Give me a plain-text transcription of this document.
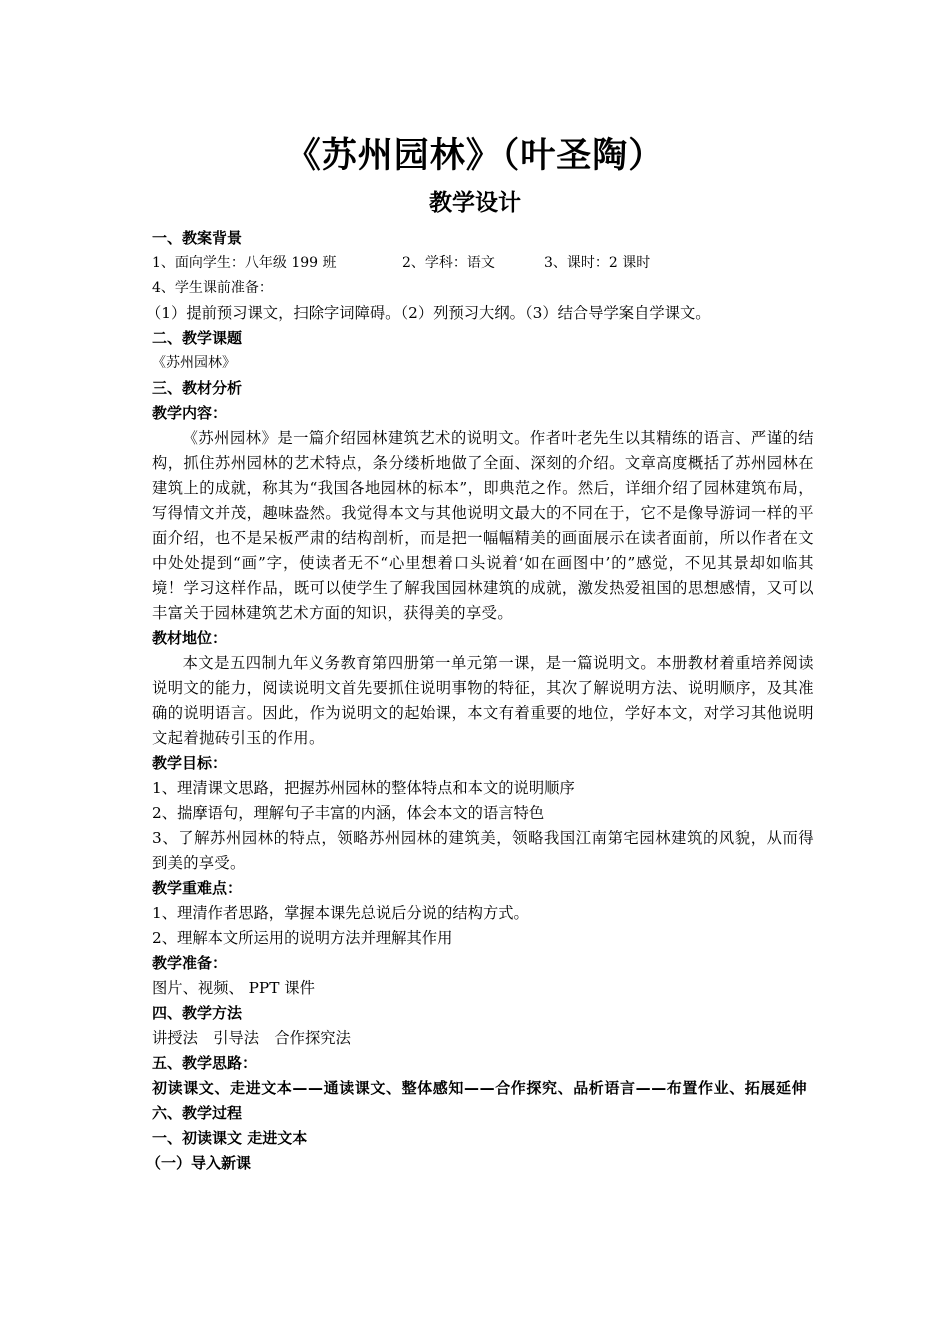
《苏州园林》（叶圣陶）
教学设计
一、教案背景
1、面向学生：八年级 199 班	2、学科：语文	3、课时：2 课时
4、学生课前准备：
（1）提前预习课文，扫除字词障碍。（2）列预习大纲。（3）结合导学案自学课文。
二、教学课题
《苏州园林》
三、教材分析
教学内容：
《苏州园林》是一篇介绍园林建筑艺术的说明文。作者叶老先生以其精练的语言、严谨的结构，抓住苏州园林的艺术特点，条分缕析地做了全面、深刻的介绍。文章高度概括了苏州园林在建筑上的成就，称其为“我国各地园林的标本”，即典范之作。然后，详细介绍了园林建筑布局，写得情文并茂，趣味盎然。我觉得本文与其他说明文最大的不同在于，它不是像导游词一样的平面介绍，也不是呆板严肃的结构剖析，而是把一幅幅精美的画面展示在读者面前，所以作者在文中处处提到“画”字，使读者无不“心里想着口头说着‘如在画图中’的”感觉，不见其景却如临其境！学习这样作品，既可以使学生了解我国园林建筑的成就，激发热爱祖国的思想感情，又可以丰富关于园林建筑艺术方面的知识，获得美的享受。
教材地位：
本文是五四制九年义务教育第四册第一单元第一课，是一篇说明文。本册教材着重培养阅读说明文的能力，阅读说明文首先要抓住说明事物的特征，其次了解说明方法、说明顺序，及其准确的说明语言。因此，作为说明文的起始课，本文有着重要的地位，学好本文，对学习其他说明文起着抛砖引玉的作用。
教学目标：
1、理清课文思路，把握苏州园林的整体特点和本文的说明顺序
2、揣摩语句，理解句子丰富的内涵，体会本文的语言特色
3、了解苏州园林的特点，领略苏州园林的建筑美，领略我国江南第宅园林建筑的风貌，从而得到美的享受。
教学重难点：
1、理清作者思路，掌握本课先总说后分说的结构方式。
2、理解本文所运用的说明方法并理解其作用
教学准备：
图片、视频、 PPT 课件
四、教学方法
讲授法　引导法　合作探究法
五、教学思路：
初读课文、走进文本——通读课文、整体感知——合作探究、品析语言——布置作业、拓展延伸
六、教学过程
一、初读课文 走进文本
（一）导入新课
